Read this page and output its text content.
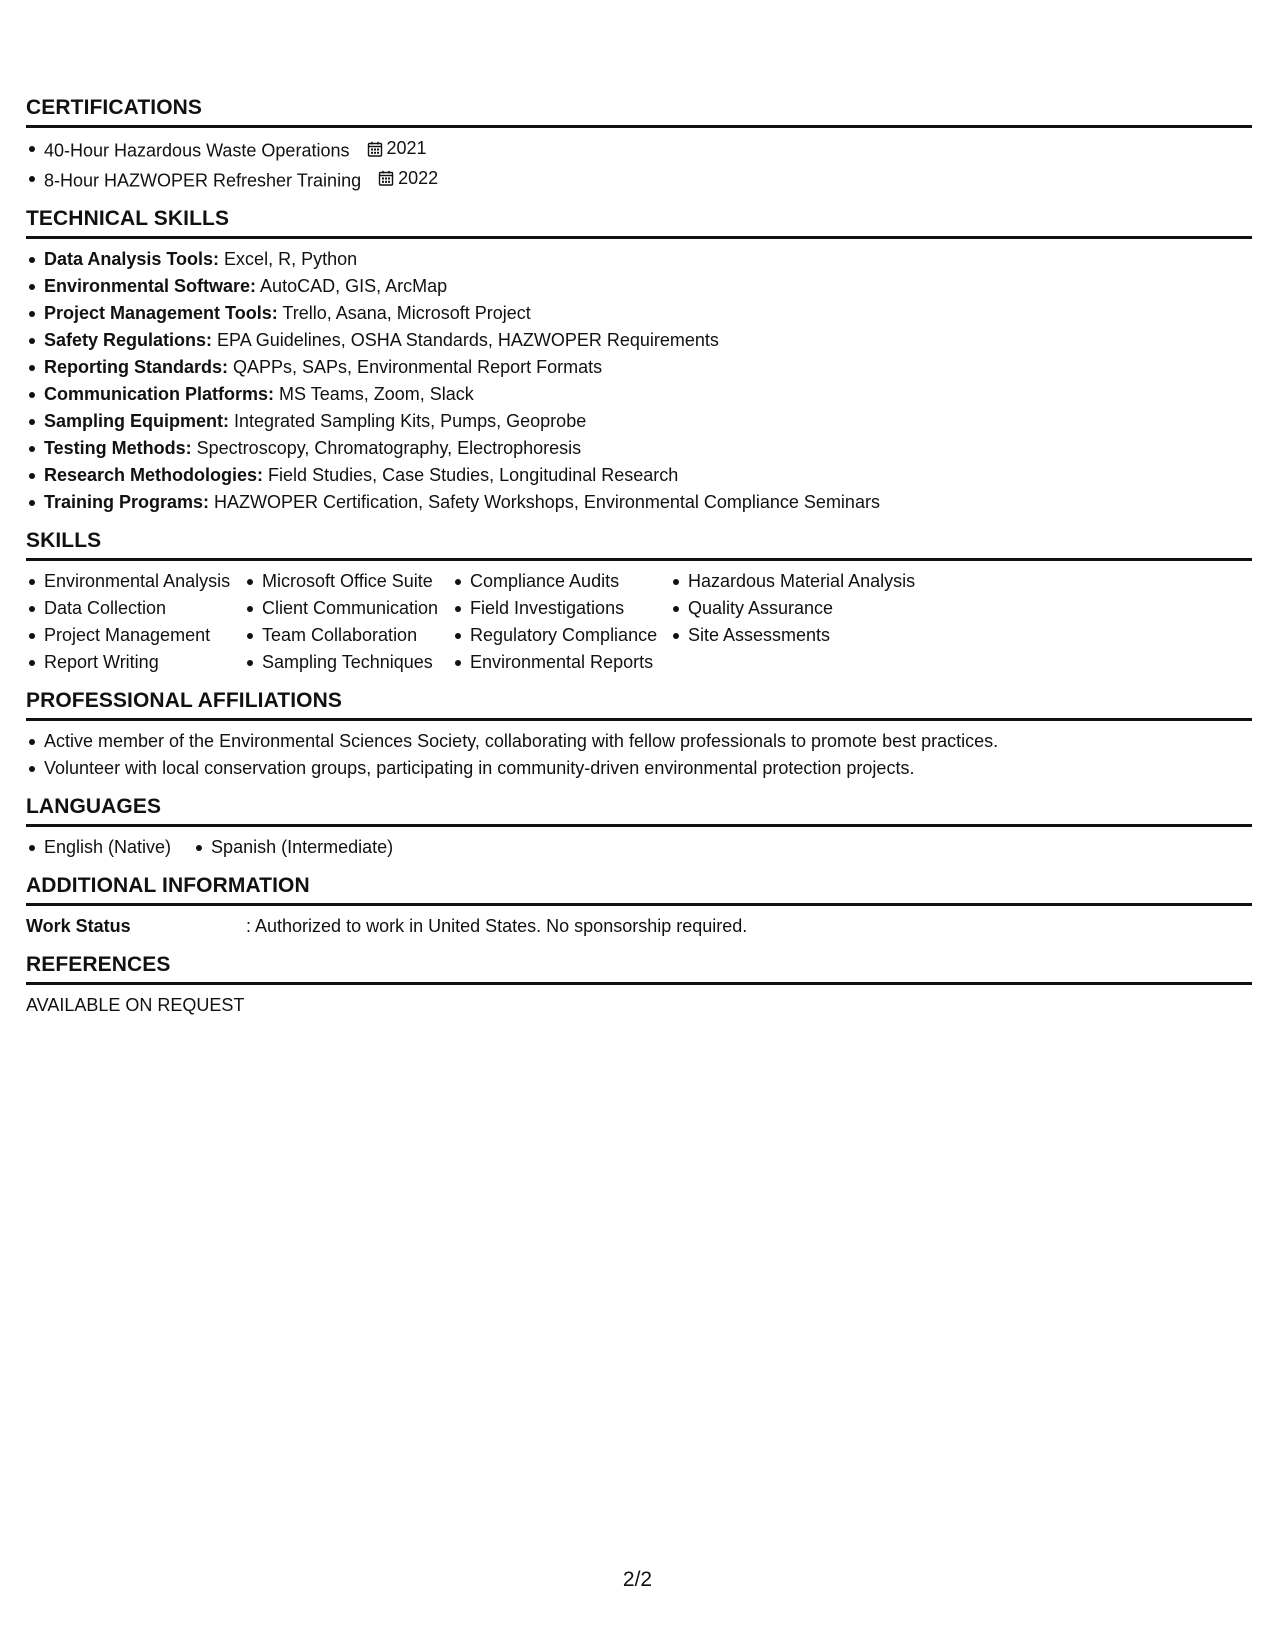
CERTIFICATIONS
40-Hour Hazardous Waste Operations 2021
8-Hour HAZWOPER Refresher Training 2022
TECHNICAL SKILLS
Data Analysis Tools: Excel, R, Python
Environmental Software: AutoCAD, GIS, ArcMap
Project Management Tools: Trello, Asana, Microsoft Project
Safety Regulations: EPA Guidelines, OSHA Standards, HAZWOPER Requirements
Reporting Standards: QAPPs, SAPs, Environmental Report Formats
Communication Platforms: MS Teams, Zoom, Slack
Sampling Equipment: Integrated Sampling Kits, Pumps, Geoprobe
Testing Methods: Spectroscopy, Chromatography, Electrophoresis
Research Methodologies: Field Studies, Case Studies, Longitudinal Research
Training Programs: HAZWOPER Certification, Safety Workshops, Environmental Compliance Seminars
SKILLS
Environmental Analysis
Data Collection
Project Management
Report Writing
Microsoft Office Suite
Client Communication
Team Collaboration
Sampling Techniques
Compliance Audits
Field Investigations
Regulatory Compliance
Environmental Reports
Hazardous Material Analysis
Quality Assurance
Site Assessments
PROFESSIONAL AFFILIATIONS
Active member of the Environmental Sciences Society, collaborating with fellow professionals to promote best practices.
Volunteer with local conservation groups, participating in community-driven environmental protection projects.
LANGUAGES
English (Native)	Spanish (Intermediate)
ADDITIONAL INFORMATION
Work Status	: Authorized to work in United States. No sponsorship required.
REFERENCES
AVAILABLE ON REQUEST
2/2
